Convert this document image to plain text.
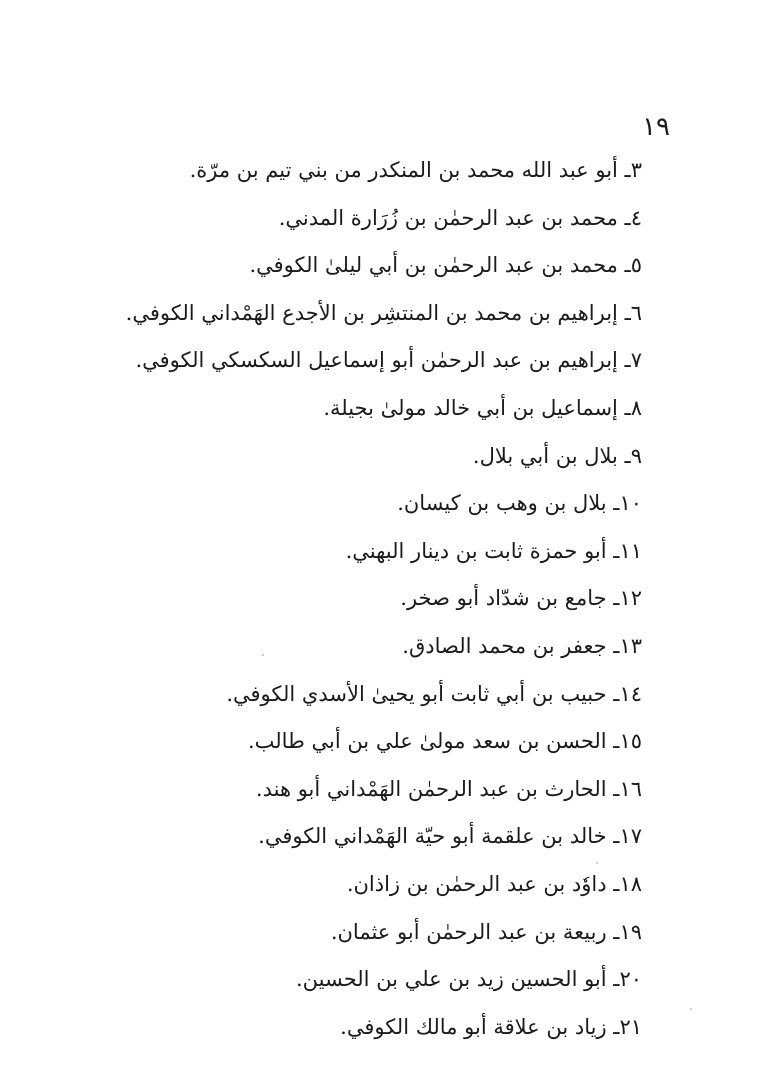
١٩
٣ـ أبو عبد الله محمد بن المنكدر من بني تيم بن مرّة.
٤ـ محمد بن عبد الرحمٰن بن زُرَارة المدني.
٥ـ محمد بن عبد الرحمٰن بن أبي ليلىٰ الكوفي.
٦ـ إبراهيم بن محمد بن المنتشِر بن الأجدع الهَمْداني الكوفي.
٧ـ إبراهيم بن عبد الرحمٰن أبو إسماعيل السكسكي الكوفي.
٨ـ إسماعيل بن أبي خالد مولىٰ بجيلة.
٩ـ بلال بن أبي بلال.
١٠ـ بلال بن وهب بن كيسان.
١١ـ أبو حمزة ثابت بن دينار البهني.
١٢ـ جامع بن شدّاد أبو صخر.
١٣ـ جعفر بن محمد الصادق.
١٤ـ حبيب بن أبي ثابت أبو يحيىٰ الأسدي الكوفي.
١٥ـ الحسن بن سعد مولىٰ علي بن أبي طالب.
١٦ـ الحارث بن عبد الرحمٰن الهَمْداني أبو هند.
١٧ـ خالد بن علقمة أبو حيّة الهَمْداني الكوفي.
١٨ـ داوٗد بن عبد الرحمٰن بن زاذان.
١٩ـ ربيعة بن عبد الرحمٰن أبو عثمان.
٢٠ـ أبو الحسين زيد بن علي بن الحسين.
٢١ـ زياد بن علاقة أبو مالك الكوفي.
